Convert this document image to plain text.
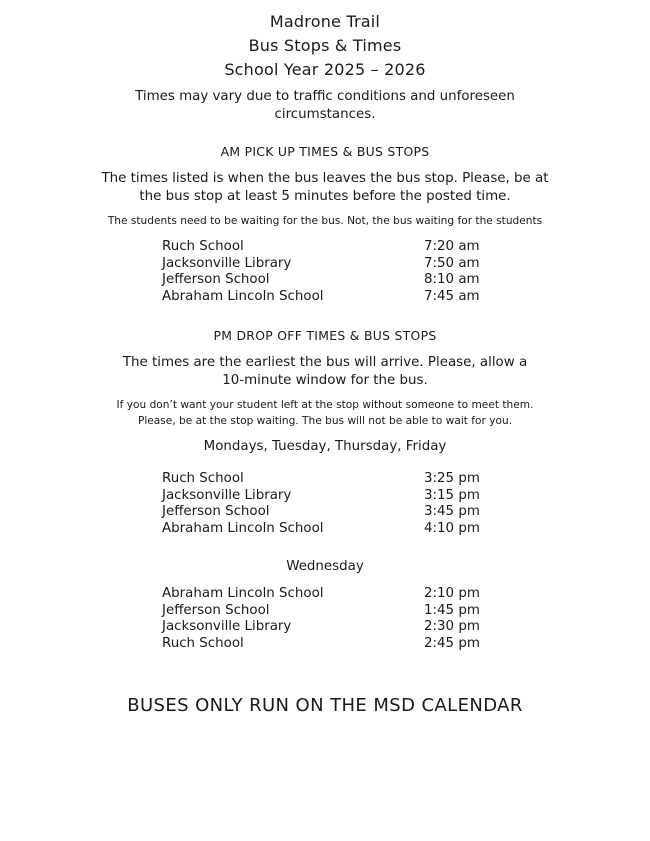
Madrone Trail
Bus Stops & Times
School Year 2025 – 2026
Times may vary due to traffic conditions and unforeseen
circumstances.
AM PICK UP TIMES & BUS STOPS
The times listed is when the bus leaves the bus stop. Please, be at
the bus stop at least 5 minutes before the posted time.
The students need to be waiting for the bus. Not, the bus waiting for the students
Ruch School	7:20 am
Jacksonville Library	7:50 am
Jefferson School	8:10 am
Abraham Lincoln School	7:45 am
PM DROP OFF TIMES & BUS STOPS
The times are the earliest the bus will arrive. Please, allow a
10-minute window for the bus.
If you don’t want your student left at the stop without someone to meet them.
Please, be at the stop waiting. The bus will not be able to wait for you.
Mondays, Tuesday, Thursday, Friday
Ruch School	3:25 pm
Jacksonville Library	3:15 pm
Jefferson School	3:45 pm
Abraham Lincoln School	4:10 pm
Wednesday
Abraham Lincoln School	2:10 pm
Jefferson School	1:45 pm
Jacksonville Library	2:30 pm
Ruch School	2:45 pm
BUSES ONLY RUN ON THE MSD CALENDAR
